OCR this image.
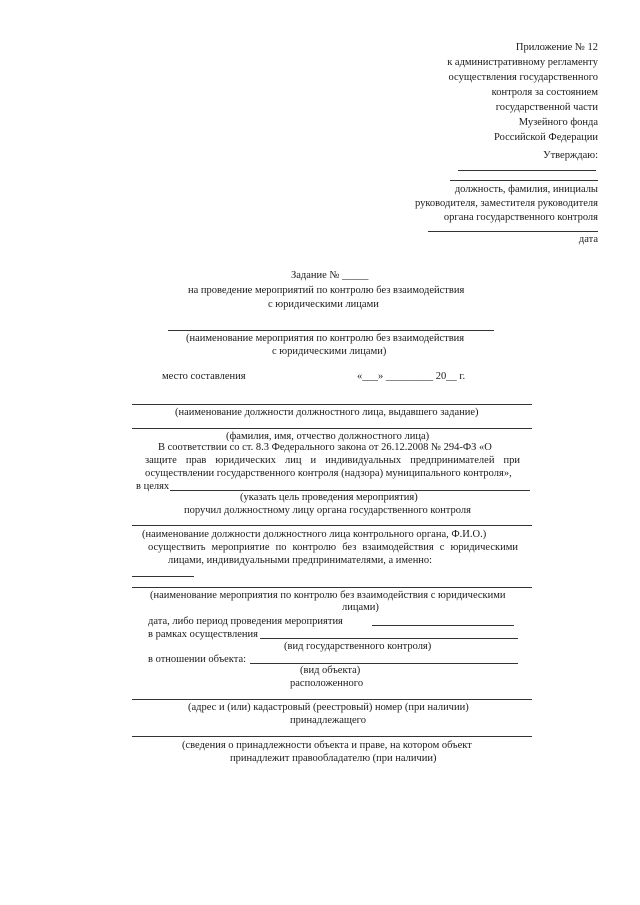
Приложение № 12
к административному регламенту
осуществления государственного
контроля за состоянием
государственной части
Музейного фонда
Российской Федерации
Утверждаю:
должность, фамилия, инициалы
руководителя, заместителя руководителя
органа государственного контроля
дата
Задание № _____
на проведение мероприятий по контролю без взаимодействия
с юридическими лицами
(наименование мероприятия по контролю без взаимодействия
с юридическими лицами)
место составления	«___» _________ 20__ г.
(наименование должности должностного лица, выдавшего задание)
(фамилия, имя, отчество должностного лица)
В соответствии со ст. 8.3 Федерального закона от 26.12.2008 № 294-ФЗ «О
защите прав юридических лиц и индивидуальных предпринимателей при
осуществлении государственного контроля (надзора) муниципального контроля»,
в целях
(указать цель проведения мероприятия)
поручил должностному лицу органа государственного контроля
(наименование должности должностного лица контрольного органа, Ф.И.О.)
осуществить мероприятие по контролю без взаимодействия с юридическими
лицами, индивидуальными предпринимателями, а именно:
(наименование мероприятия по контролю без взаимодействия с юридическими
лицами)
дата, либо период проведения мероприятия
в рамках осуществления
(вид государственного контроля)
в отношении объекта:
(вид объекта)
расположенного
(адрес и (или) кадастровый (реестровый) номер (при наличии)
принадлежащего
(сведения о принадлежности объекта и праве, на котором объект
принадлежит правообладателю (при наличии)
